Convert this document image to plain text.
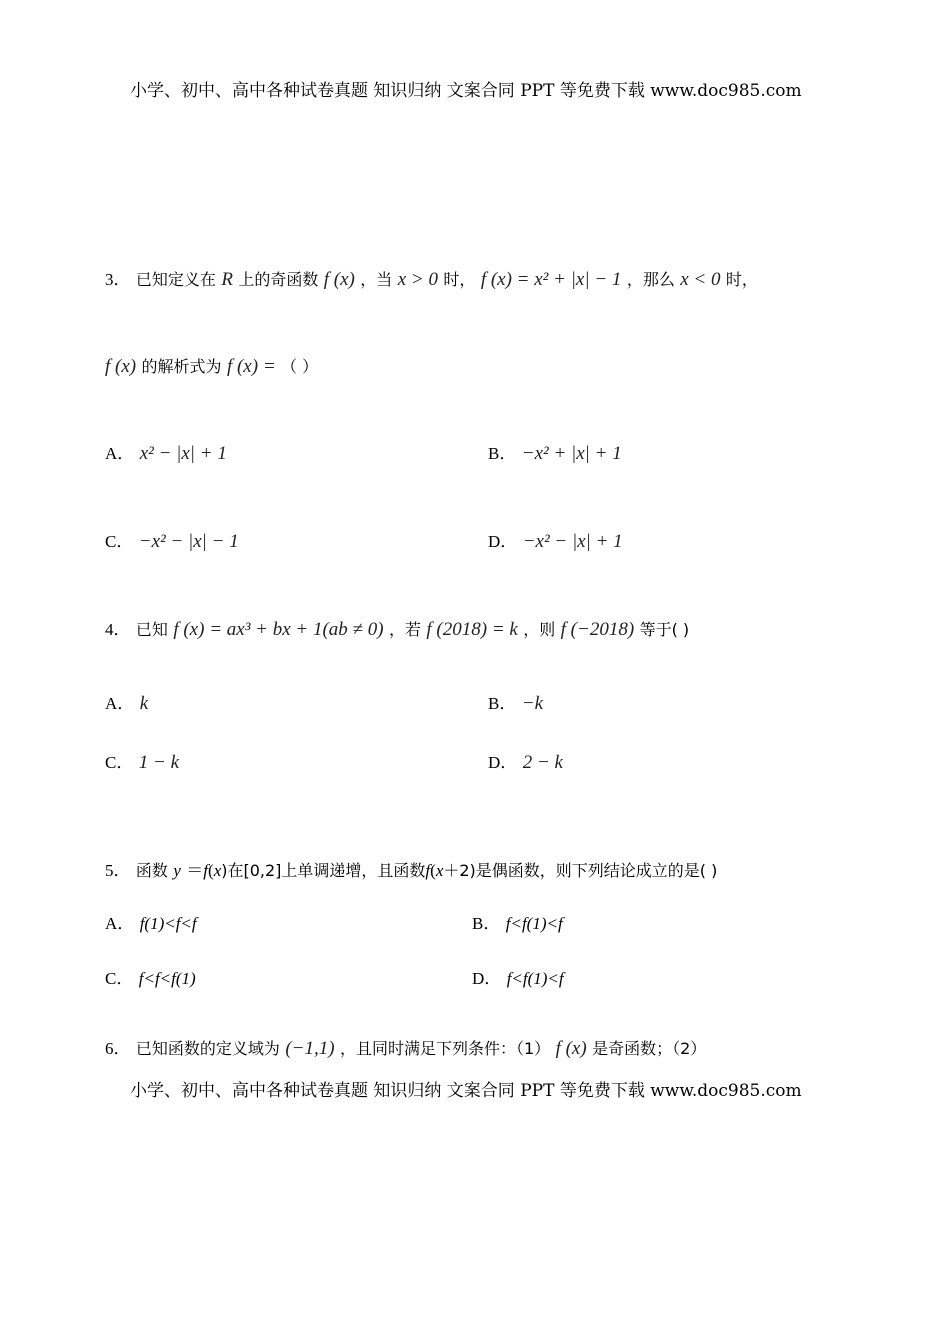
小学、初中、高中各种试卷真题 知识归纳 文案合同 PPT 等免费下载 www.doc985.com
3． 已知定义在 R 上的奇函数 f (x) ，当 x > 0 时， f (x) = x² + |x| − 1 ，那么 x < 0 时，
f (x) 的解析式为 f (x) = （ ）
A． x² − |x| + 1	B． −x² + |x| + 1
C． −x² − |x| − 1	D． −x² − |x| + 1
4． 已知 f (x) = ax³ + bx + 1(ab ≠ 0) ，若 f (2018) = k ，则 f (−2018) 等于( )
A． k	B． −k
C． 1 − k	D． 2 − k
5． 函数 y ＝f(x)在[0,2]上单调递增，且函数f(x＋2)是偶函数，则下列结论成立的是( )
A． f(1)<f<f	B． f<f(1)<f
C． f<f<f(1)	D． f<f(1)<f
6． 已知函数的定义域为 (−1,1) ，且同时满足下列条件：（1） f (x) 是奇函数；（2）
小学、初中、高中各种试卷真题 知识归纳 文案合同 PPT 等免费下载 www.doc985.com
